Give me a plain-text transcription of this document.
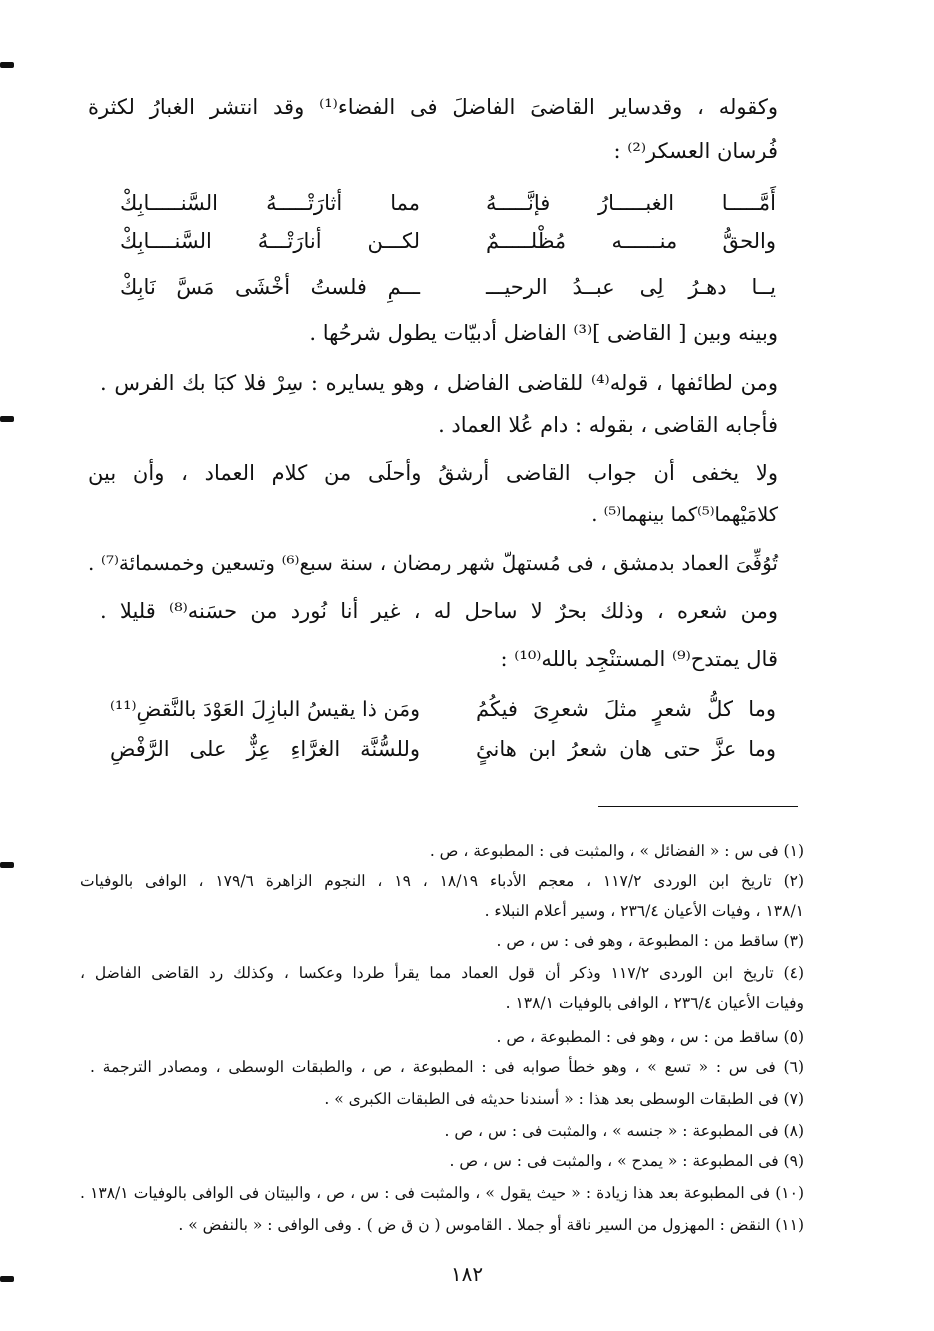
وكقوله ، وقدساير القاضىَ الفاضلَ فى الفضاء⁽¹⁾ وقد انتشر الغبارُ لكثرة
فُرسان العسكر⁽²⁾ :
أَمَّـــــا الغبـــــارُ فإنَّـــــهُ
مما أثارَتْـــــهُ السَّنـــــابِكْ
والحقُّ منــــــه مُظْلـــــمٌ
لكـــن أنارَتْـــهُ السَّنــــابِكْ
يــا دهـرُ لِى عبــدُ الرحيـــ
ـــمِ فلستُ أخْشَى مَسَّ نَابِكْ
وبينه وبين [ القاضى ]⁽³⁾ الفاضل أدبيّات يطول شرحُها .
ومن لطائفها ، قوله⁽⁴⁾ للقاضى الفاضل ، وهو يسايره : سِرْ فلا كبَا بك الفرس .
فأجابه القاضى ، بقوله : دام عُلا العماد .
ولا يخفى أن جواب القاضى أرشقُ وأحلَى من كلام العماد ، وأن بين
كلامَيْهما⁽⁵⁾كما بينهما⁽⁵⁾ .
تُوُفِّىَ العماد بدمشق ، فى مُستهلّ شهر رمضان ، سنة سبع⁽⁶⁾ وتسعين وخمسمائة⁽⁷⁾ .
ومن شعره ، وذلك بحرٌ لا ساحل له ، غير أنا نُورد من حسَنه⁽⁸⁾ قليلا .
قال يمتدح⁽⁹⁾ المستنْجِد بالله⁽¹⁰⁾ :
وما كلُّ شعرٍ مثلَ شعرِىَ فيكُمُ
ومَن ذا يقيسُ البازِلَ العَوْدَ بالنَّقضِ⁽¹¹⁾
وما عزَّ حتى هان شعرُ ابن هانئٍ
وللسُّنَّة الغرَّاءِ عِزٌّ على الرَّفْضِ
(١) فى س : « الفضائل » ، والمثبت فى : المطبوعة ، ص .
(٢) تاريخ ابن الوردى ١١٧/٢ ، معجم الأدباء ١٨/١٩ ، ١٩ ، النجوم الزاهرة ١٧٩/٦ ، الوافى بالوفيات
١٣٨/١ ، وفيات الأعيان ٢٣٦/٤ ، وسير أعلام النبلاء .
(٣) ساقط من : المطبوعة ، وهو فى : س ، ص .
(٤) تاريخ ابن الوردى ١١٧/٢ وذكر أن قول العماد مما يقرأ طردا وعكسا ، وكذلك رد القاضى الفاضل ،
وفيات الأعيان ٢٣٦/٤ ، الوافى بالوفيات ١٣٨/١ .
(٥) ساقط من : س ، وهو فى : المطبوعة ، ص .
(٦) فى س : « تسع » ، وهو خطأ صوابه فى : المطبوعة ، ص ، والطبقات الوسطى ، ومصادر الترجمة .
(٧) فى الطبقات الوسطى بعد هذا : « أسندنا حديثه فى الطبقات الكبرى » .
(٨) فى المطبوعة : « جنسه » ، والمثبت فى : س ، ص .
(٩) فى المطبوعة : « يمدح » ، والمثبت فى : س ، ص .
(١٠) فى المطبوعة بعد هذا زيادة : « حيث يقول » ، والمثبت فى : س ، ص ، والبيتان فى الوافى بالوفيات ١٣٨/١ .
(١١) النقض : المهزول من السير ناقة أو جملا . القاموس ( ن ق ض ) . وفى الوافى : « بالنفض » .
١٨٢
